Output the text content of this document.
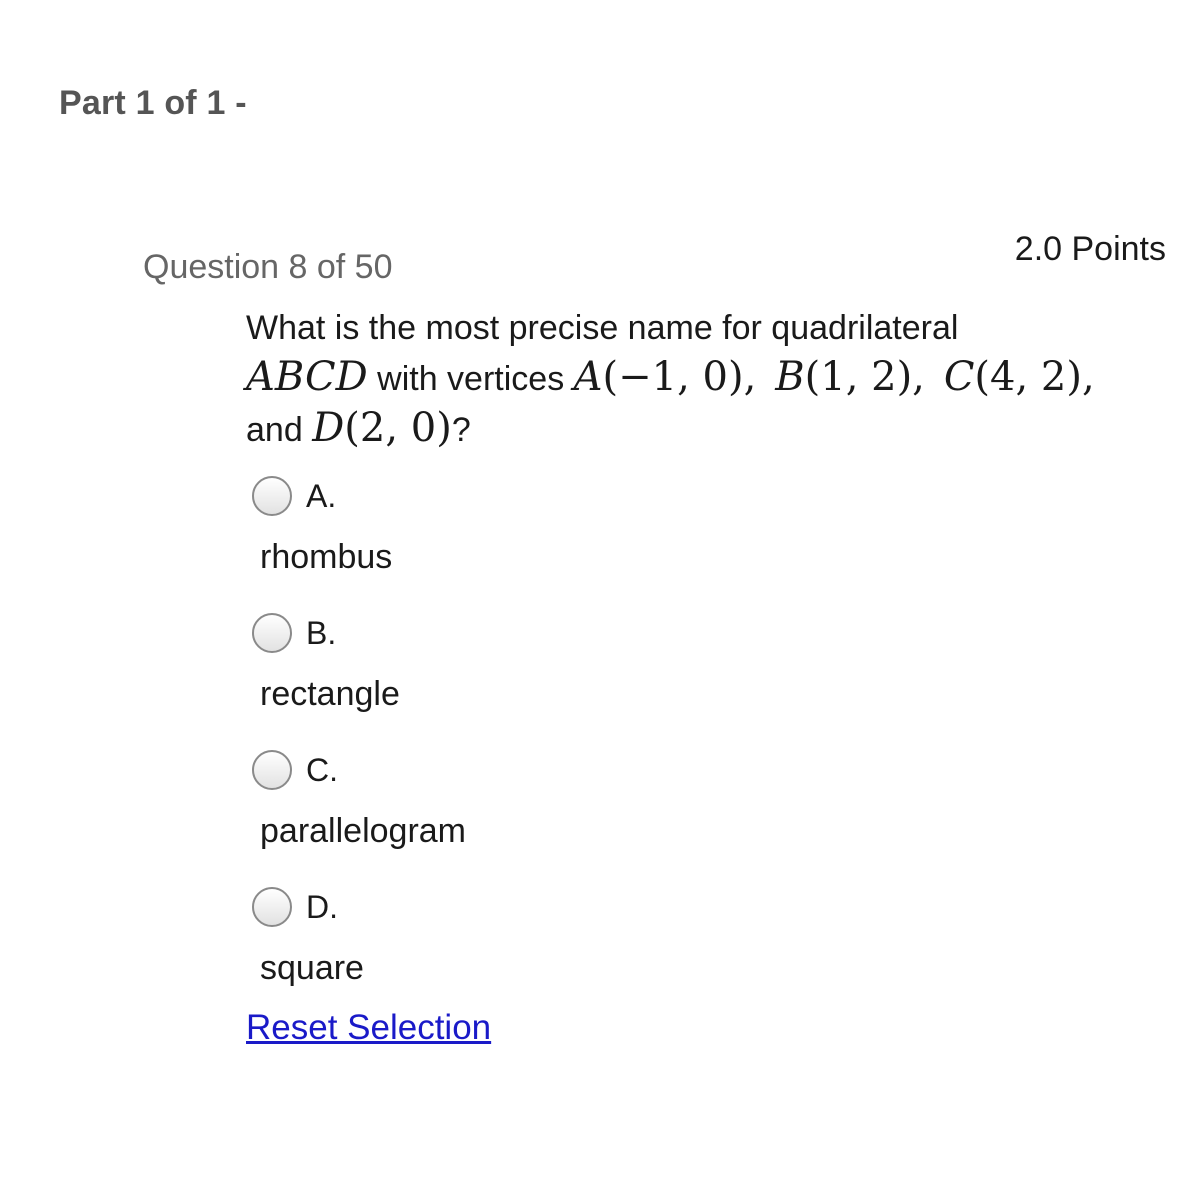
Part 1 of 1 -
2.0 Points
Question 8 of 50
What is the most precise name for quadrilateral
ABCD with vertices A(−1, 0), B(1, 2), C(4, 2),
and D(2, 0)?
A.
rhombus
B.
rectangle
C.
parallelogram
D.
square
Reset Selection
